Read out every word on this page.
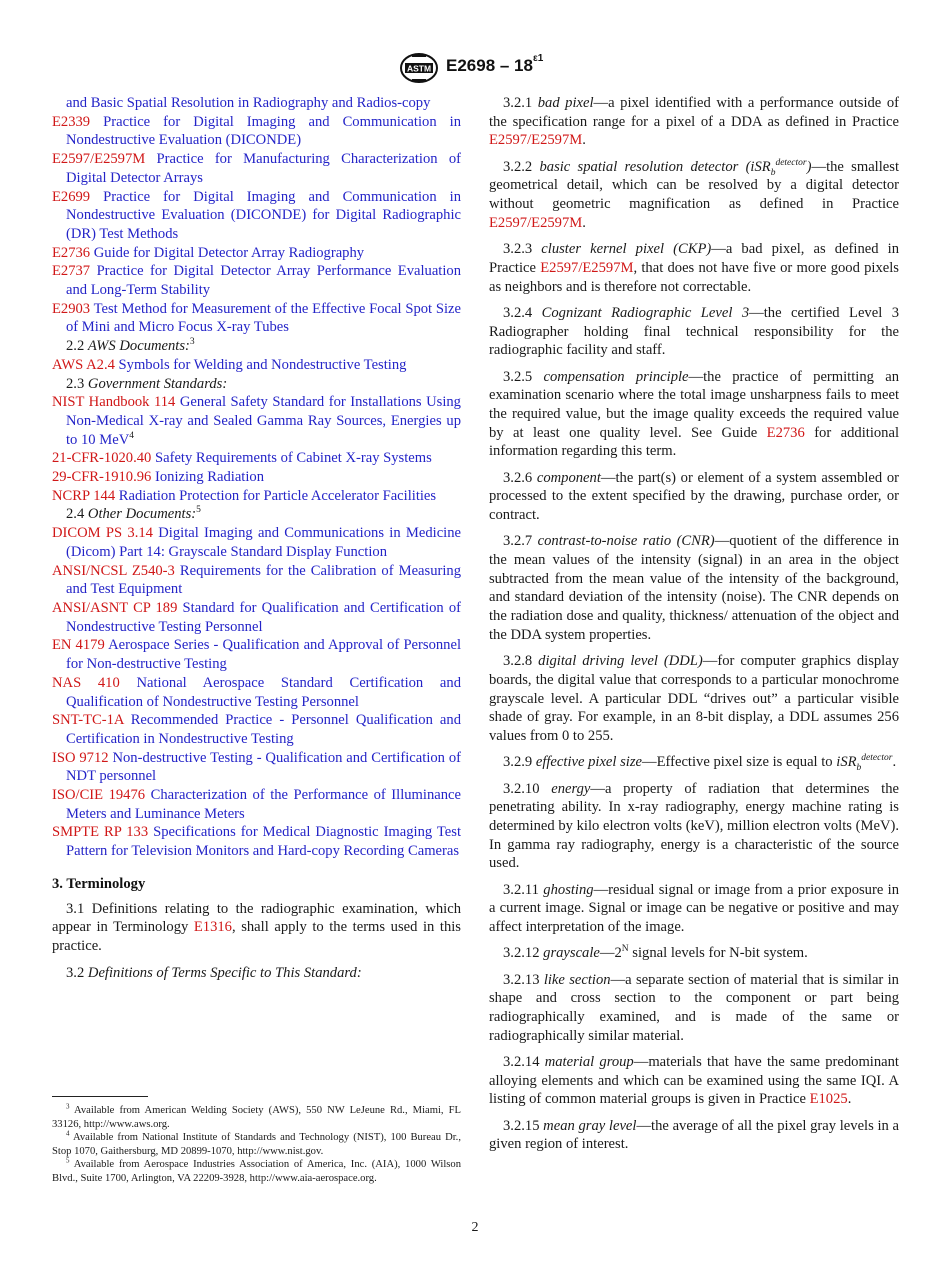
ASTM $E2698 - 18^{\varepsilon 1}$

and Basic Spatial Resolution in Radiography and Radios-copy

E2339 Practice for Digital Imaging and Communication in Nondestructive Evaluation (DICONDE)

E2597/E2597M Practice for Manufacturing Characterization of Digital Detector Arrays

E2699 Practice for Digital Imaging and Communication in Nondestructive Evaluation (DICONDE) for Digital Radiographic (DR) Test Methods

E2736 Guide for Digital Detector Array Radiography

E2737 Practice for Digital Detector Array Performance Evaluation and Long-Term Stability

E2903 Test Method for Measurement of the Effective Focal Spot Size of Mini and Micro Focus X-ray Tubes

2.2 AWS Documents:$^3$

AWS A2.4 Symbols for Welding and Nondestructive Testing

2.3 Government Standards:

NIST Handbook 114 General Safety Standard for Installations Using Non-Medical X-ray and Sealed Gamma Ray Sources, Energies up to 10 MeV$^4$

21-CFR-1020.40 Safety Requirements of Cabinet X-ray Systems

29-CFR-1910.96 Ionizing Radiation

NCRP 144 Radiation Protection for Particle Accelerator Facilities

2.4 Other Documents:$^5$

DICOM PS 3.14 Digital Imaging and Communications in Medicine (Dicom) Part 14: Grayscale Standard Display Function

ANSI/NCSL Z540-3 Requirements for the Calibration of Measuring and Test Equipment

ANSI/ASNT CP 189 Standard for Qualification and Certification of Nondestructive Testing Personnel

EN 4179 Aerospace Series - Qualification and Approval of Personnel for Non-destructive Testing

NAS 410 National Aerospace Standard Certification and Qualification of Nondestructive Testing Personnel

SNT-TC-1A Recommended Practice - Personnel Qualification and Certification in Nondestructive Testing

ISO 9712 Non-destructive Testing - Qualification and Certification of NDT personnel

ISO/CIE 19476 Characterization of the Performance of Illuminance Meters and Luminance Meters

SMPTE RP 133 Specifications for Medical Diagnostic Imaging Test Pattern for Television Monitors and Hard-copy Recording Cameras

3. Terminology

3.1 Definitions relating to the radiographic examination, which appear in Terminology E1316, shall apply to the terms used in this practice.

3.2 Definitions of Terms Specific to This Standard:

$^3$ Available from American Welding Society (AWS), 550 NW LeJeune Rd., Miami, FL 33126, http://www.aws.org.

$^4$ Available from National Institute of Standards and Technology (NIST), 100 Bureau Dr., Stop 1070, Gaithersburg, MD 20899-1070, http://www.nist.gov.

$^5$ Available from Aerospace Industries Association of America, Inc. (AIA), 1000 Wilson Blvd., Suite 1700, Arlington, VA 22209-3928, http://www.aia-aerospace.org.

3.2.1 bad pixel—a pixel identified with a performance outside of the specification range for a pixel of a DDA as defined in Practice E2597/E2597M.

3.2.2 basic spatial resolution detector (iSR$_b^{detector}$)—the smallest geometrical detail, which can be resolved by a digital detector without geometric magnification as defined in Practice E2597/E2597M.

3.2.3 cluster kernel pixel (CKP)—a bad pixel, as defined in Practice E2597/E2597M, that does not have five or more good pixels as neighbors and is therefore not correctable.

3.2.4 Cognizant Radiographic Level 3—the certified Level 3 Radiographer holding final technical responsibility for the radiographic facility and staff.

3.2.5 compensation principle—the practice of permitting an examination scenario where the total image unsharpness fails to meet the required value, but the image quality exceeds the required value by at least one quality level. See Guide E2736 for additional information regarding this term.

3.2.6 component—the part(s) or element of a system assembled or processed to the extent specified by the drawing, purchase order, or contract.

3.2.7 contrast-to-noise ratio (CNR)—quotient of the difference in the mean values of the intensity (signal) in an area in the object subtracted from the mean value of the intensity of the background, and standard deviation of the intensity (noise). The CNR depends on the radiation dose and quality, thickness/ attenuation of the object and the DDA system properties.

3.2.8 digital driving level (DDL)—for computer graphics display boards, the digital value that corresponds to a particular monochrome grayscale level. A particular DDL “drives out” a particular visible shade of gray. For example, in an 8-bit display, a DDL assumes 256 values from 0 to 255.

3.2.9 effective pixel size—Effective pixel size is equal to iSR$_b^{detector}$.

3.2.10 energy—a property of radiation that determines the penetrating ability. In x-ray radiography, energy machine rating is determined by kilo electron volts (keV), million electron volts (MeV). In gamma ray radiography, energy is a characteristic of the source used.

3.2.11 ghosting—residual signal or image from a prior exposure in a current image. Signal or image can be negative or positive and may affect interpretation of the image.

3.2.12 $grayscale—2^N$ signal levels for N-bit system.

3.2.13 like section—a separate section of material that is similar in shape and cross section to the component or part being radiographically examined, and is made of the same or radiographically similar material.

3.2.14 material group—materials that have the same predominant alloying elements and which can be examined using the same IQI. A listing of common material groups is given in Practice E1025.

3.2.15 mean gray level—the average of all the pixel gray levels in a given region of interest.

2
